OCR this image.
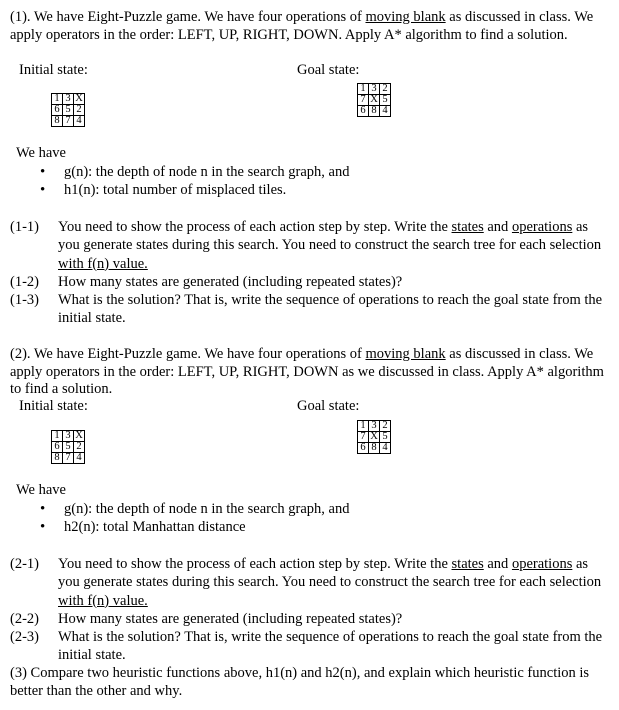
(1). We have Eight-Puzzle game. We have four operations of moving blank as discussed in class. We apply operators in the order: LEFT, UP, RIGHT, DOWN. Apply A* algorithm to find a solution.

Initial state:	Goal state:
1	3	X
6	5	2
8	7	4
1	3	2
7	X	5
6	8	4
We have
• g(n): the depth of node n in the search graph, and
• h1(n): total number of misplaced tiles.
(1-1) You need to show the process of each action step by step. Write the states and operations as you generate states during this search. You need to construct the search tree for each selection with f(n) value.
(1-2) How many states are generated (including repeated states)?
(1-3) What is the solution? That is, write the sequence of operations to reach the goal state from the initial state.

(2). We have Eight-Puzzle game. We have four operations of moving blank as discussed in class. We apply operators in the order: LEFT, UP, RIGHT, DOWN as we discussed in class. Apply A* algorithm to find a solution.

Initial state:	Goal state:
1	3	X
6	5	2
8	7	4
1	3	2
7	X	5
6	8	4
We have
• g(n): the depth of node n in the search graph, and
• h2(n): total Manhattan distance
(2-1) You need to show the process of each action step by step. Write the states and operations as you generate states during this search. You need to construct the search tree for each selection with f(n) value.
(2-2) How many states are generated (including repeated states)?
(2-3) What is the solution? That is, write the sequence of operations to reach the goal state from the initial state.

(3) Compare two heuristic functions above, h1(n) and h2(n), and explain which heuristic function is better than the other and why.
